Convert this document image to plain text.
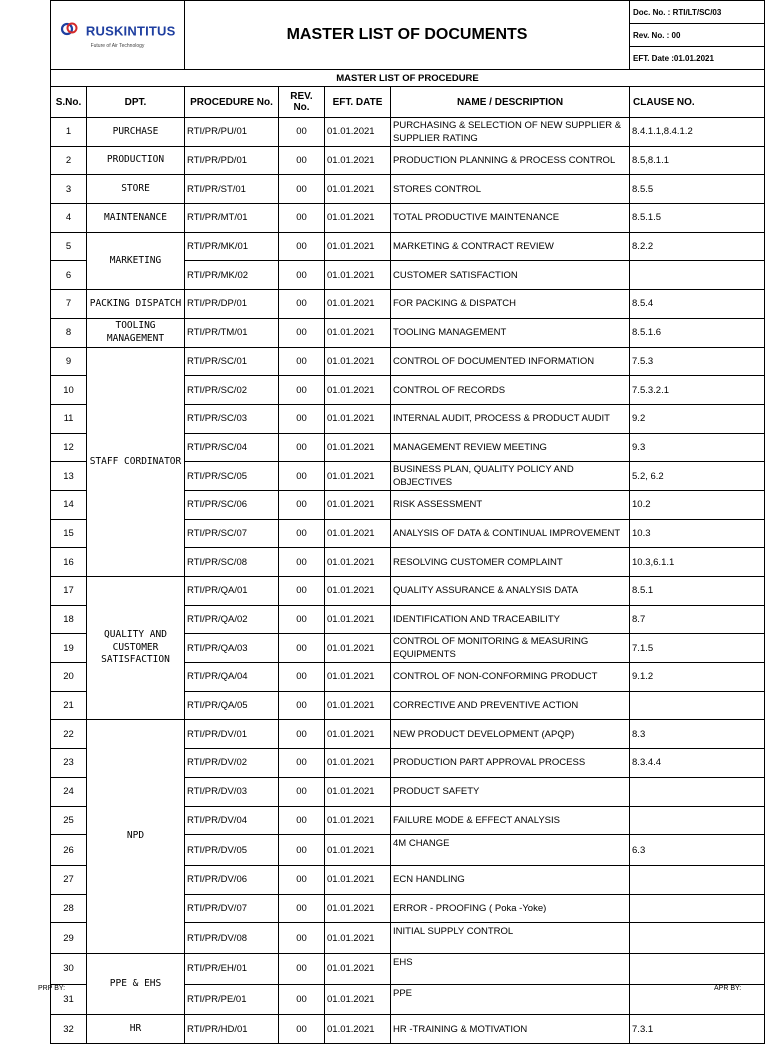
RUSKINTITUS
Future of Air Technology		MASTER LIST OF DOCUMENTS				Doc. No. : RTI/LT/SC/03
						Rev. No. : 00
						EFT. Date :01.01.2021
MASTER LIST OF PROCEDURE						
S.No.	DPT.	PROCEDURE No.	REV. No.	EFT. DATE	NAME / DESCRIPTION	CLAUSE NO.
1	PURCHASE	RTI/PR/PU/01	00	01.01.2021	PURCHASING & SELECTION OF NEW SUPPLIER & SUPPLIER RATING	8.4.1.1,8.4.1.2
2	PRODUCTION	RTI/PR/PD/01	00	01.01.2021	PRODUCTION PLANNING & PROCESS CONTROL	8.5,8.1.1
3	STORE	RTI/PR/ST/01	00	01.01.2021	STORES CONTROL	8.5.5
4	MAINTENANCE	RTI/PR/MT/01	00	01.01.2021	TOTAL PRODUCTIVE MAINTENANCE	8.5.1.5
5	MARKETING	RTI/PR/MK/01	00	01.01.2021	MARKETING & CONTRACT REVIEW	8.2.2
6		RTI/PR/MK/02	00	01.01.2021	CUSTOMER SATISFACTION	
7	PACKING DISPATCH	RTI/PR/DP/01	00	01.01.2021	FOR PACKING & DISPATCH	8.5.4
8	TOOLING MANAGEMENT	RTI/PR/TM/01	00	01.01.2021	TOOLING MANAGEMENT	8.5.1.6
9	STAFF CORDINATOR	RTI/PR/SC/01	00	01.01.2021	CONTROL OF DOCUMENTED INFORMATION	7.5.3
10		RTI/PR/SC/02	00	01.01.2021	CONTROL OF RECORDS	7.5.3.2.1
11		RTI/PR/SC/03	00	01.01.2021	INTERNAL AUDIT, PROCESS & PRODUCT AUDIT	9.2
12		RTI/PR/SC/04	00	01.01.2021	MANAGEMENT REVIEW MEETING	9.3
13		RTI/PR/SC/05	00	01.01.2021	BUSINESS PLAN, QUALITY POLICY AND OBJECTIVES	5.2, 6.2
14		RTI/PR/SC/06	00	01.01.2021	RISK ASSESSMENT	10.2
15		RTI/PR/SC/07	00	01.01.2021	ANALYSIS OF DATA & CONTINUAL IMPROVEMENT	10.3
16		RTI/PR/SC/08	00	01.01.2021	RESOLVING CUSTOMER COMPLAINT	10.3,6.1.1
17	QUALITY AND CUSTOMER SATISFACTION	RTI/PR/QA/01	00	01.01.2021	QUALITY ASSURANCE & ANALYSIS DATA	8.5.1
18		RTI/PR/QA/02	00	01.01.2021	IDENTIFICATION AND TRACEABILITY	8.7
19		RTI/PR/QA/03	00	01.01.2021	CONTROL OF MONITORING & MEASURING EQUIPMENTS	7.1.5
20		RTI/PR/QA/04	00	01.01.2021	CONTROL OF NON-CONFORMING PRODUCT	9.1.2
21		RTI/PR/QA/05	00	01.01.2021	CORRECTIVE AND PREVENTIVE ACTION	
22	NPD	RTI/PR/DV/01	00	01.01.2021	NEW PRODUCT DEVELOPMENT (APQP)	8.3
23		RTI/PR/DV/02	00	01.01.2021	PRODUCTION PART APPROVAL PROCESS	8.3.4.4
24		RTI/PR/DV/03	00	01.01.2021	PRODUCT SAFETY	
25		RTI/PR/DV/04	00	01.01.2021	FAILURE MODE & EFFECT ANALYSIS	
26		RTI/PR/DV/05	00	01.01.2021	4M CHANGE	6.3
27		RTI/PR/DV/06	00	01.01.2021	ECN HANDLING	
28		RTI/PR/DV/07	00	01.01.2021	ERROR - PROOFING ( Poka -Yoke)	
29		RTI/PR/DV/08	00	01.01.2021	INITIAL SUPPLY CONTROL	
30	PPE & EHS	RTI/PR/EH/01	00	01.01.2021	EHS	
31		RTI/PR/PE/01	00	01.01.2021	PPE	
32	HR	RTI/PR/HD/01	00	01.01.2021	HR -TRAINING & MOTIVATION	7.3.1
PRP BY:	APR BY:
